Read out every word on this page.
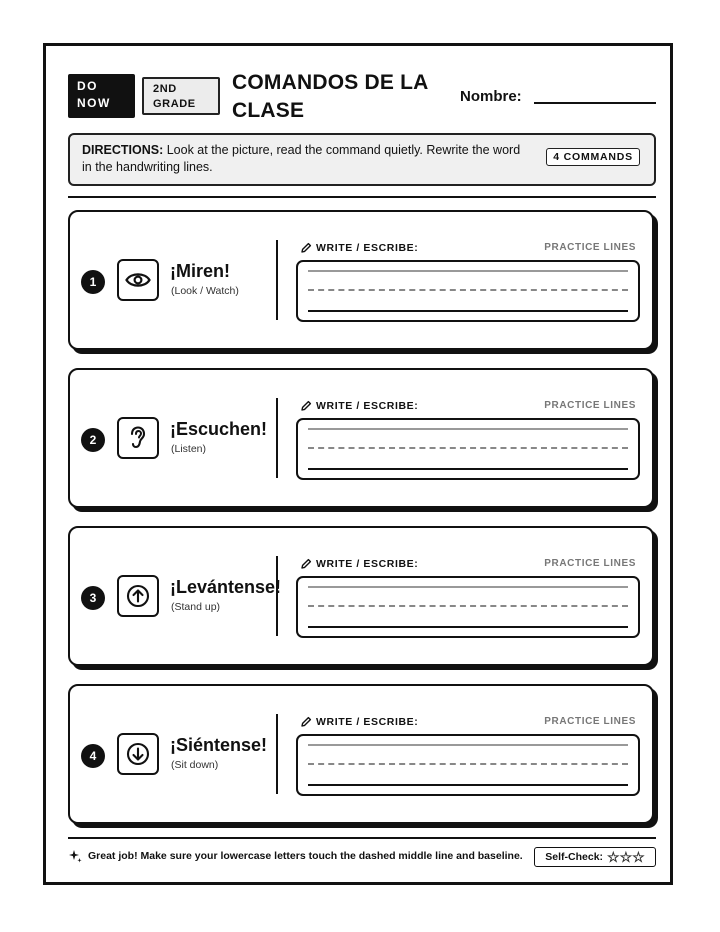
DO
NOW
2ND
GRADE
COMANDOS DE LA
CLASE
Nombre:
DIRECTIONS: Look at the picture, read the command quietly. Rewrite the word in the handwriting lines.
4 COMMANDS
1
¡Miren!
(Look / Watch)
WRITE / ESCRIBE:	PRACTICE LINES
2
¡Escuchen!
(Listen)
WRITE / ESCRIBE:	PRACTICE LINES
3
¡Levántense!
(Stand up)
WRITE / ESCRIBE:	PRACTICE LINES
4
¡Siéntense!
(Sit down)
WRITE / ESCRIBE:	PRACTICE LINES
Great job! Make sure your lowercase letters touch the dashed middle line and baseline. Self-Check: ☆☆☆
